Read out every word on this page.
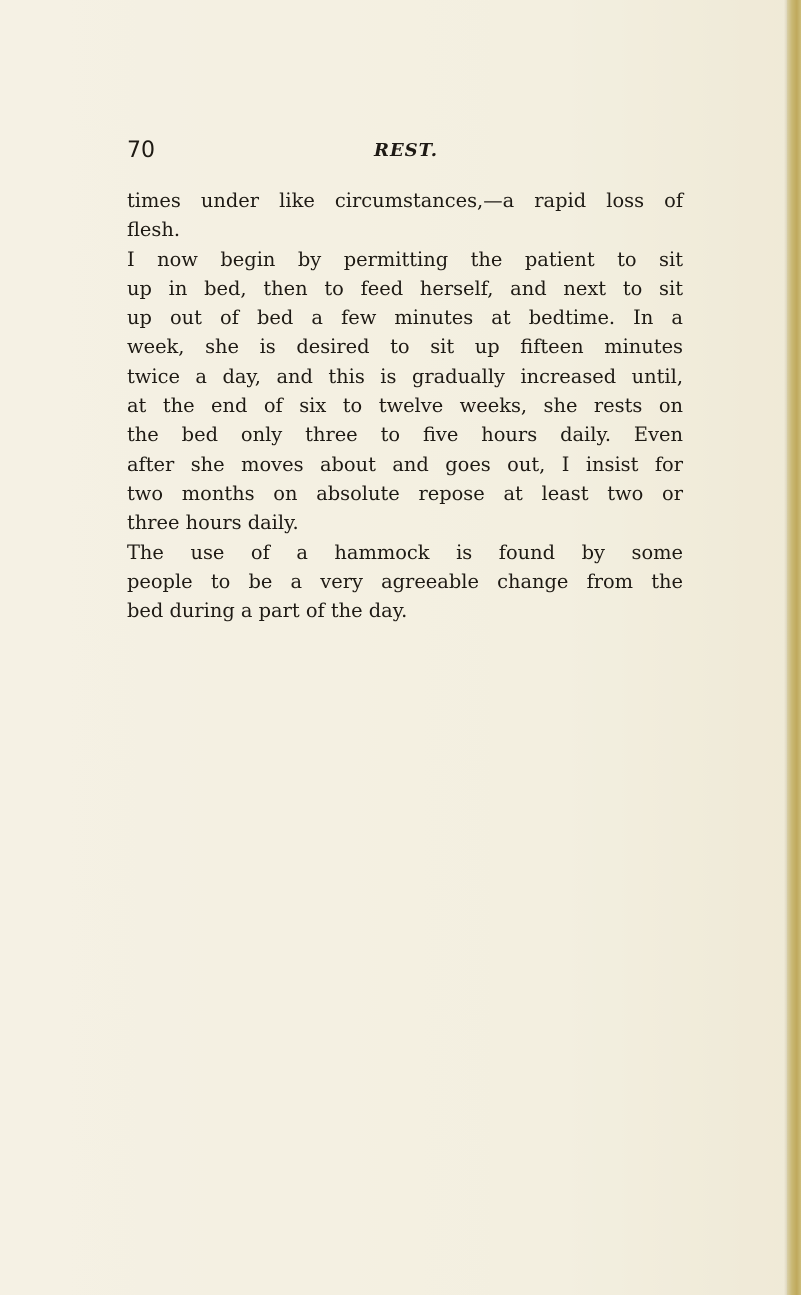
70	REST.

times under like circumstances,—a rapid loss of
flesh.

I now begin by permitting the patient to sit
up in bed, then to feed herself, and next to sit
up out of bed a few minutes at bedtime. In a
week, she is desired to sit up fifteen minutes
twice a day, and this is gradually increased until,
at the end of six to twelve weeks, she rests on
the bed only three to five hours daily. Even
after she moves about and goes out, I insist for
two months on absolute repose at least two or
three hours daily.

The use of a hammock is found by some
people to be a very agreeable change from the
bed during a part of the day.
